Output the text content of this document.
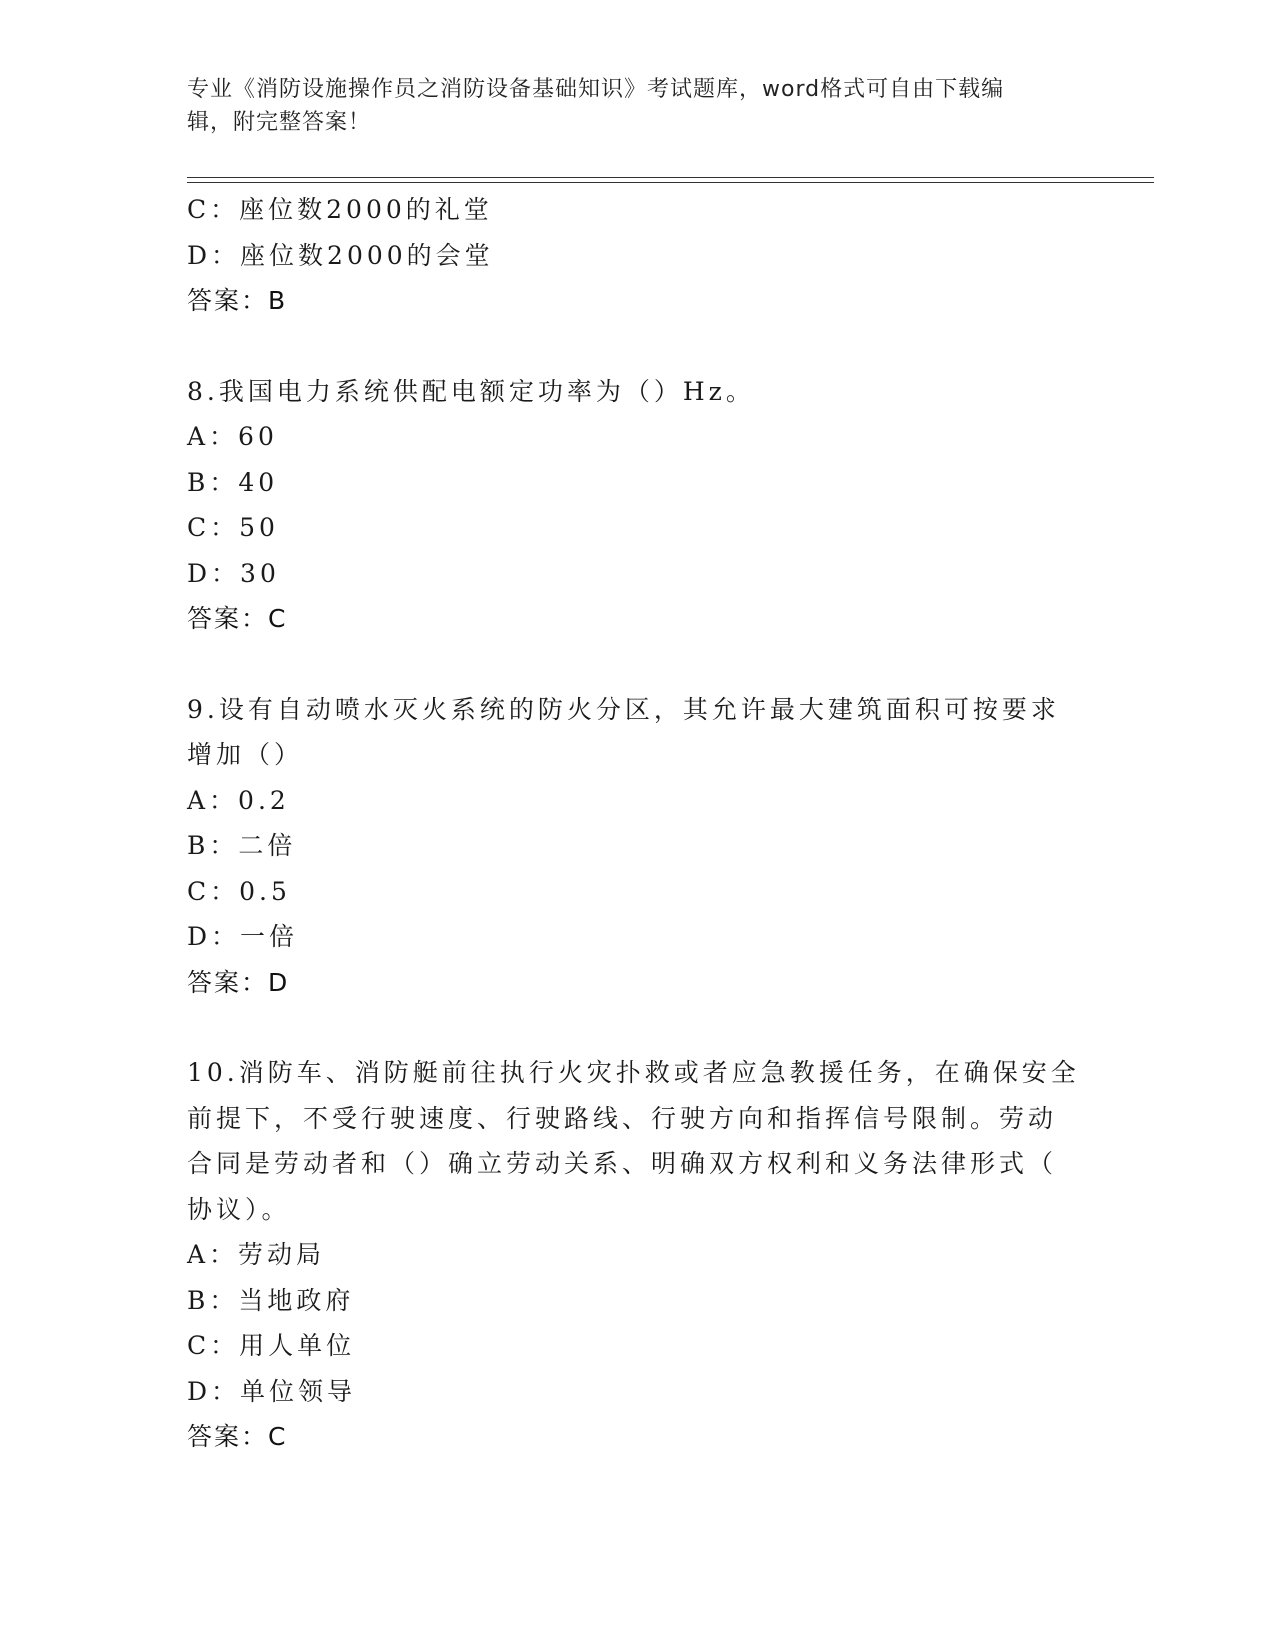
专业《消防设施操作员之消防设备基础知识》考试题库，word格式可自由下载编
辑，附完整答案！

C：座位数2000的礼堂

D：座位数2000的会堂

答案：B

8.我国电力系统供配电额定功率为（）Hz。

A：60

B：40

C：50

D：30

答案：C

9.设有自动喷水灭火系统的防火分区，其允许最大建筑面积可按要求

增加（）

A：0.2

B：二倍

C：0.5

D：一倍

答案：D

10.消防车、消防艇前往执行火灾扑救或者应急教援任务，在确保安全

前提下，不受行驶速度、行驶路线、行驶方向和指挥信号限制。劳动

合同是劳动者和（）确立劳动关系、明确双方权利和义务法律形式（

协议）。

A：劳动局

B：当地政府

C：用人单位

D：单位领导

答案：C
